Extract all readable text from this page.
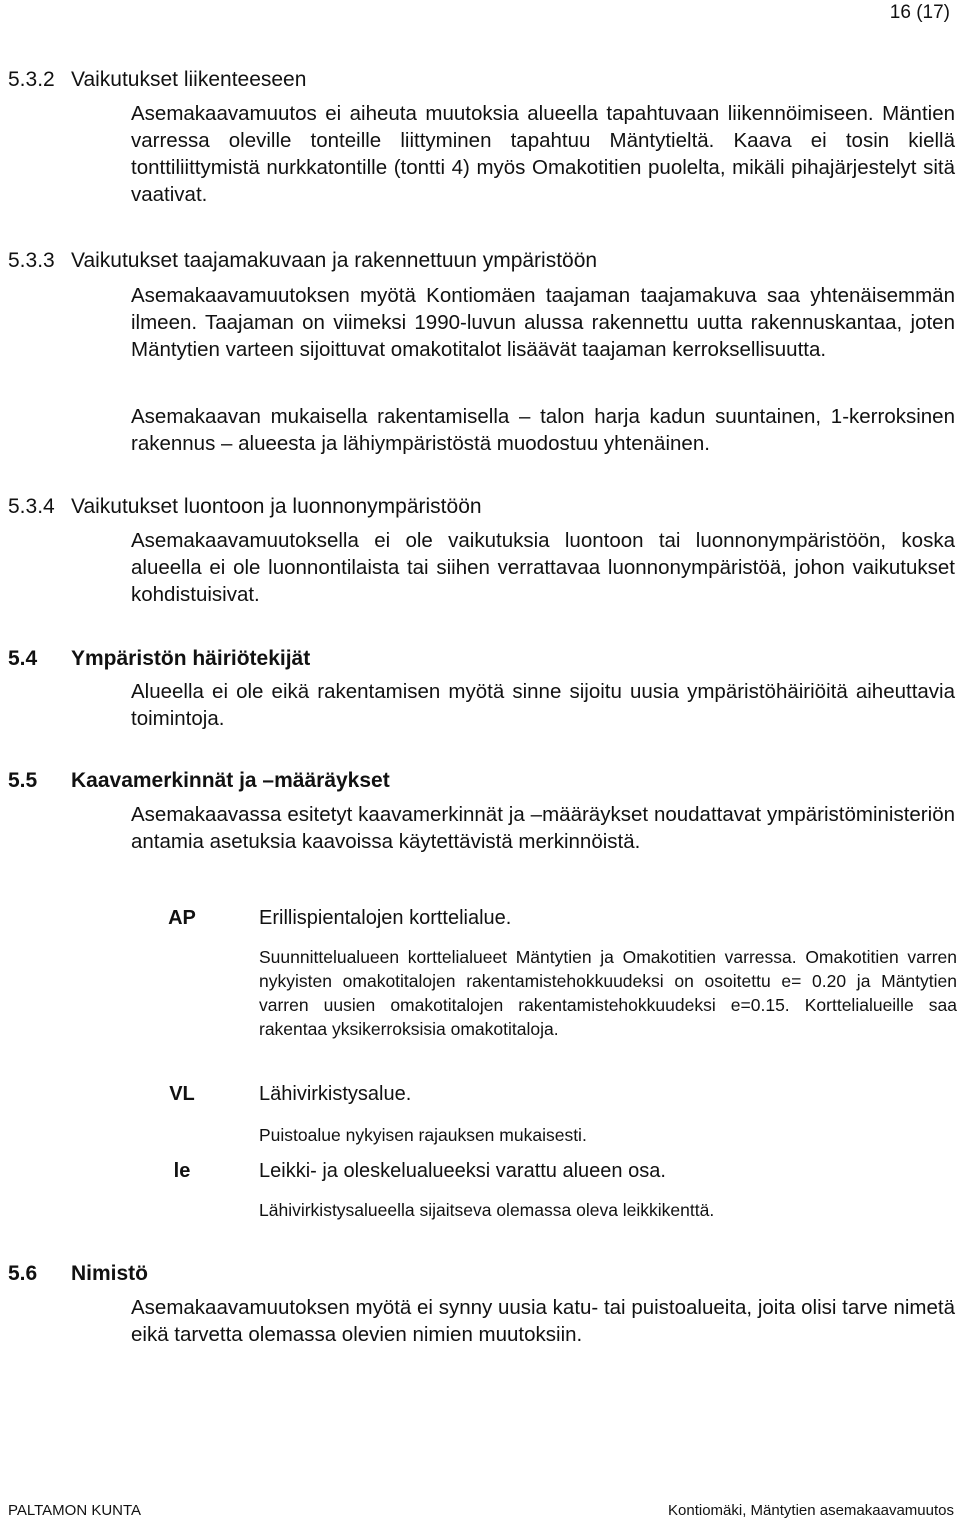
16 (17)
5.3.2 Vaikutukset liikenteeseen

Asemakaavamuutos ei aiheuta muutoksia alueella tapahtuvaan liikennöimiseen. Mäntien varressa oleville tonteille liittyminen tapahtuu Mäntytieltä. Kaava ei tosin kiellä tonttiliittymistä nurkkatontille (tontti 4) myös Omakotitien puolelta, mikäli pihajärjestelyt sitä vaativat.

5.3.3 Vaikutukset taajamakuvaan ja rakennettuun ympäristöön

Asemakaavamuutoksen myötä Kontiomäen taajaman taajamakuva saa yhtenäisemmän ilmeen. Taajaman on viimeksi 1990-luvun alussa rakennettu uutta rakennuskantaa, joten Mäntytien varteen sijoittuvat omakotitalot lisäävät taajaman kerroksellisuutta.

Asemakaavan mukaisella rakentamisella – talon harja kadun suuntainen, 1-kerroksinen rakennus – alueesta ja lähiympäristöstä muodostuu yhtenäinen.

5.3.4 Vaikutukset luontoon ja luonnonympäristöön

Asemakaavamuutoksella ei ole vaikutuksia luontoon tai luonnonympäristöön, koska alueella ei ole luonnontilaista tai siihen verrattavaa luonnonympäristöä, johon vaikutukset kohdistuisivat.

5.4 Ympäristön häiriötekijät

Alueella ei ole eikä rakentamisen myötä sinne sijoitu uusia ympäristöhäiriöitä aiheuttavia toimintoja.

5.5 Kaavamerkinnät ja –määräykset

Asemakaavassa esitetyt kaavamerkinnät ja –määräykset noudattavat ympäristöministeriön antamia asetuksia kaavoissa käytettävistä merkinnöistä.

AP	Erillispientalojen korttelialue.

Suunnittelualueen korttelialueet Mäntytien ja Omakotitien varressa. Omakotitien varren nykyisten omakotitalojen rakentamistehokkuudeksi on osoitettu e= 0.20 ja Mäntytien varren uusien omakotitalojen rakentamistehokkuudeksi e=0.15. Korttelialueille saa rakentaa yksikerroksisia omakotitaloja.

VL	Lähivirkistysalue.

Puistoalue nykyisen rajauksen mukaisesti.

le	Leikki- ja oleskelualueeksi varattu alueen osa.

Lähivirkistysalueella sijaitseva olemassa oleva leikkikenttä.

5.6 Nimistö

Asemakaavamuutoksen myötä ei synny uusia katu- tai puistoalueita, joita olisi tarve nimetä eikä tarvetta olemassa olevien nimien muutoksiin.

PALTAMON KUNTA	Kontiomäki, Mäntytien asemakaavamuutos
